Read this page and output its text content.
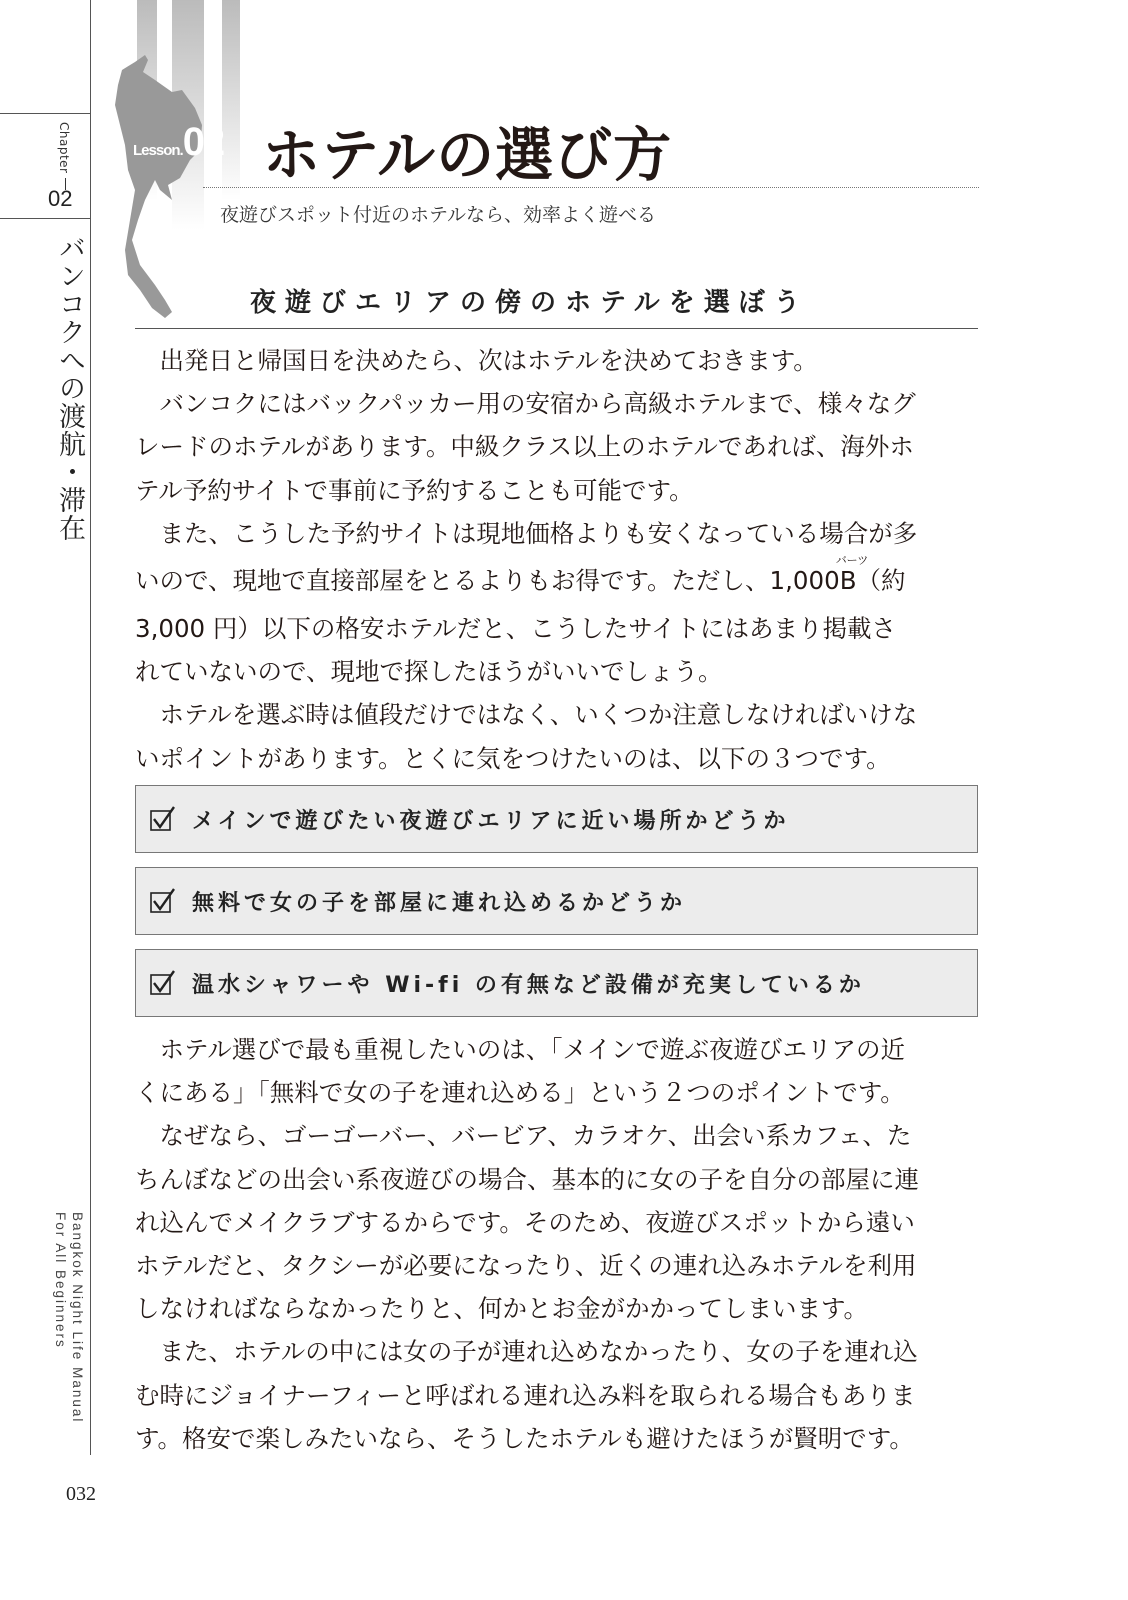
Chapter
02
バンコクへの渡航・滞在
Bangkok Night Life Manual
For All Beginners
032
Lesson.02 ホテルの選び方
夜遊びスポット付近のホテルなら、効率よく遊べる
夜遊びエリアの傍のホテルを選ぼう
　出発日と帰国日を決めたら、次はホテルを決めておきます。
　バンコクにはバックパッカー用の安宿から高級ホテルまで、様々なグ
レードのホテルがあります。中級クラス以上のホテルであれば、海外ホ
テル予約サイトで事前に予約することも可能です。
　また、こうした予約サイトは現地価格よりも安くなっている場合が多
いので、現地で直接部屋をとるよりもお得です。ただし、1,000
バーツ
B（約
3,000 円）以下の格安ホテルだと、こうしたサイトにはあまり掲載さ
れていないので、現地で探したほうがいいでしょう。
　ホテルを選ぶ時は値段だけではなく、いくつか注意しなければいけな
いポイントがあります。とくに気をつけたいのは、以下の３つです。
メインで遊びたい夜遊びエリアに近い場所かどうか
無料で女の子を部屋に連れ込めるかどうか
温水シャワーや Wi-fi の有無など設備が充実しているか
　ホテル選びで最も重視したいのは、「メインで遊ぶ夜遊びエリアの近
くにある」「無料で女の子を連れ込める」という２つのポイントです。
　なぜなら、ゴーゴーバー、バービア、カラオケ、出会い系カフェ、た
ちんぼなどの出会い系夜遊びの場合、基本的に女の子を自分の部屋に連
れ込んでメイクラブするからです。そのため、夜遊びスポットから遠い
ホテルだと、タクシーが必要になったり、近くの連れ込みホテルを利用
しなければならなかったりと、何かとお金がかかってしまいます。
　また、ホテルの中には女の子が連れ込めなかったり、女の子を連れ込
む時にジョイナーフィーと呼ばれる連れ込み料を取られる場合もありま
す。格安で楽しみたいなら、そうしたホテルも避けたほうが賢明です。
